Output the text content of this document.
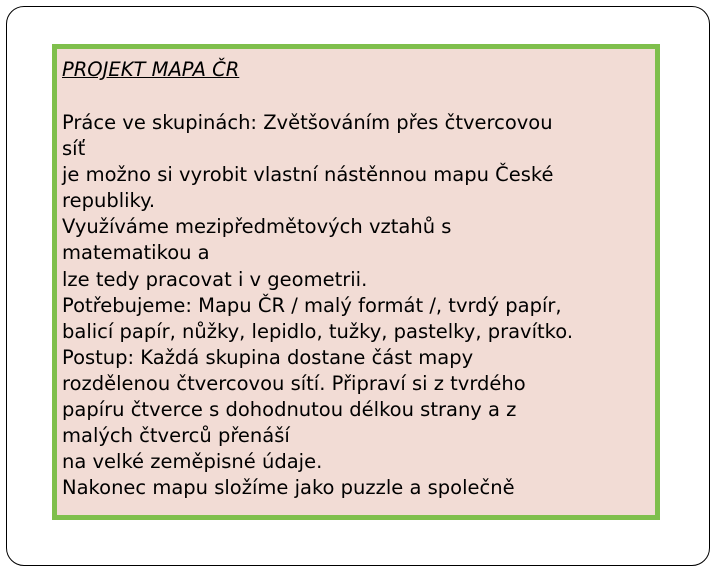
PROJEKT MAPA ČR
Práce ve skupinách: Zvětšováním přes čtvercovou
síť
je možno si vyrobit vlastní nástěnnou mapu České
republiky.
Využíváme mezipředmětových vztahů s
matematikou a
lze tedy pracovat i v geometrii.
Potřebujeme: Mapu ČR / malý formát /, tvrdý papír,
balicí papír, nůžky, lepidlo, tužky, pastelky, pravítko.
Postup: Každá skupina dostane část mapy
rozdělenou čtvercovou sítí. Připraví si z tvrdého
papíru čtverce s dohodnutou délkou strany a z
malých čtverců přenáší
na velké zeměpisné údaje.
Nakonec mapu složíme jako puzzle a společně
